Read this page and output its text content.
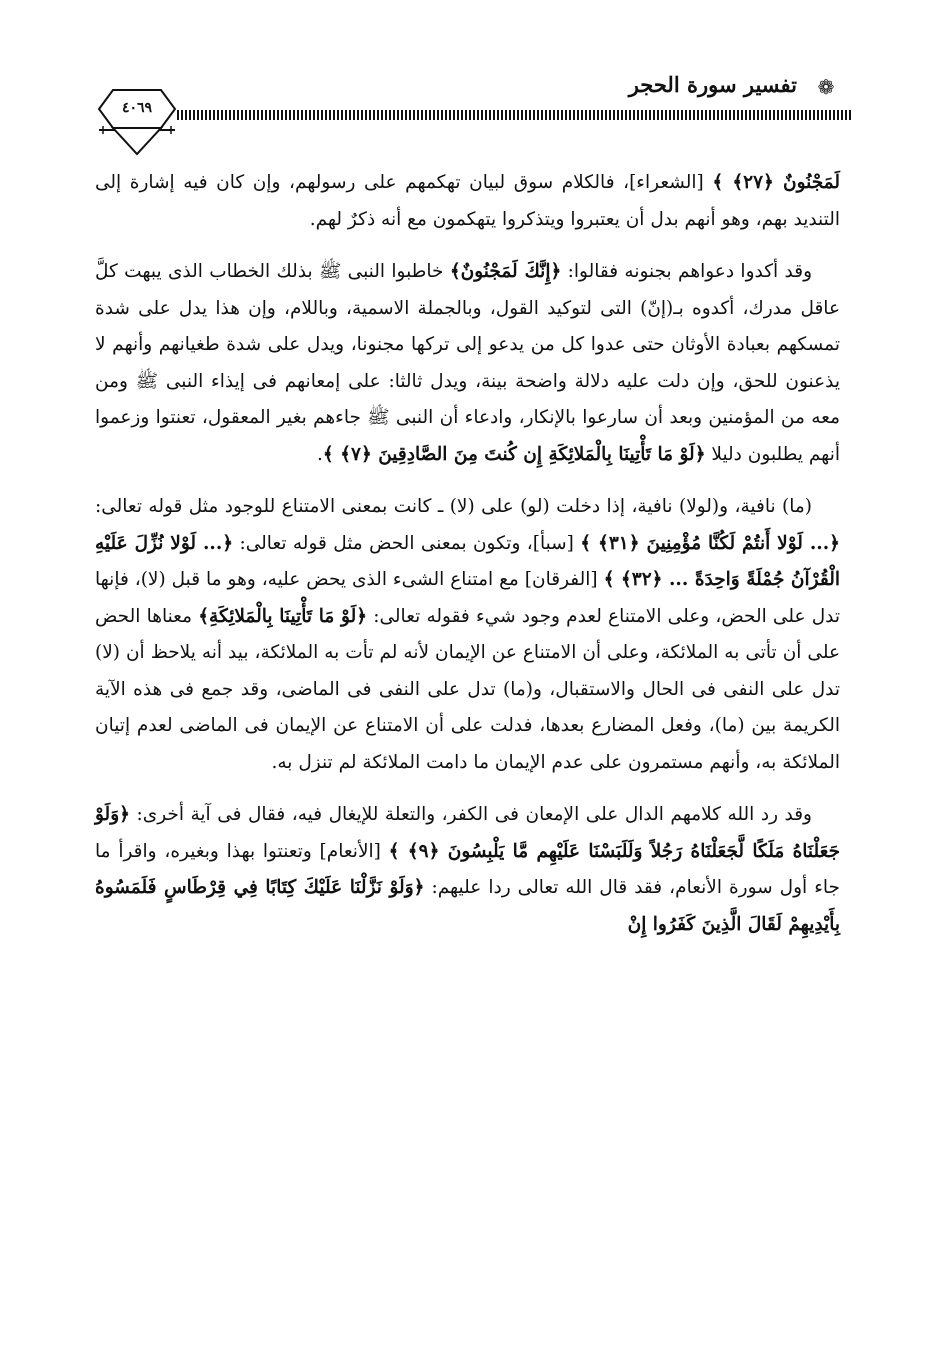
❁
تفسير سورة الحجر
٤٠٦٩

لَمَجْنُونٌ ﴿٢٧﴾ ﴾ [الشعراء]، فالكلام سوق لبيان تهكمهم على رسولهم، وإن كان فيه إشارة إلى التنديد بهم، وهو أنهم بدل أن يعتبروا ويتذكروا يتهكمون مع أنه ذكرٌ لهم.

وقد أكدوا دعواهم بجنونه فقالوا: ﴿إِنَّكَ لَمَجْنُونٌ﴾ خاطبوا النبى ﷺ بذلك الخطاب الذى يبهت كلَّ عاقل مدرك، أكدوه بـ(إنّ) التى لتوكيد القول، وبالجملة الاسمية، وباللام، وإن هذا يدل على شدة تمسكهم بعبادة الأوثان حتى عدوا كل من يدعو إلى تركها مجنونا، ويدل على شدة طغيانهم وأنهم لا يذعنون للحق، وإن دلت عليه دلالة واضحة بينة، ويدل ثالثا: على إمعانهم فى إيذاء النبى ﷺ ومن معه من المؤمنين وبعد أن سارعوا بالإنكار، وادعاء أن النبى ﷺ جاءهم بغير المعقول، تعنتوا وزعموا أنهم يطلبون دليلا ﴿لَوْ مَا تَأْتِينَا بِالْمَلائِكَةِ إِن كُنتَ مِنَ الصَّادِقِينَ ﴿٧﴾ ﴾.

(ما) نافية، و(لولا) نافية، إذا دخلت (لو) على (لا) ـ كانت بمعنى الامتناع للوجود مثل قوله تعالى: ﴿... لَوْلا أَنتُمْ لَكُنَّا مُؤْمِنِينَ ﴿٣١﴾ ﴾ [سبأ]، وتكون بمعنى الحض مثل قوله تعالى: ﴿... لَوْلا نُزِّلَ عَلَيْهِ الْقُرْآنُ جُمْلَةً وَاحِدَةً ... ﴿٣٢﴾ ﴾ [الفرقان] مع امتناع الشىء الذى يحض عليه، وهو ما قبل (لا)، فإنها تدل على الحض، وعلى الامتناع لعدم وجود شيء فقوله تعالى: ﴿لَوْ مَا تَأْتِينَا بِالْمَلائِكَةِ﴾ معناها الحض على أن تأتى به الملائكة، وعلى أن الامتناع عن الإيمان لأنه لم تأت به الملائكة، بيد أنه يلاحظ أن (لا) تدل على النفى فى الحال والاستقبال، و(ما) تدل على النفى فى الماضى، وقد جمع فى هذه الآية الكريمة بين (ما)، وفعل المضارع بعدها، فدلت على أن الامتناع عن الإيمان فى الماضى لعدم إتيان الملائكة به، وأنهم مستمرون على عدم الإيمان ما دامت الملائكة لم تنزل به.

وقد رد الله كلامهم الدال على الإمعان فى الكفر، والتعلة للإيغال فيه، فقال فى آية أخرى: ﴿وَلَوْ جَعَلْنَاهُ مَلَكًا لَّجَعَلْنَاهُ رَجُلاً وَلَلَبَسْنَا عَلَيْهِم مَّا يَلْبِسُونَ ﴿٩﴾ ﴾ [الأنعام] وتعنتوا بهذا وبغيره، واقرأ ما جاء أول سورة الأنعام، فقد قال الله تعالى ردا عليهم: ﴿وَلَوْ نَزَّلْنَا عَلَيْكَ كِتَابًا فِي قِرْطَاسٍ فَلَمَسُوهُ بِأَيْدِيهِمْ لَقَالَ الَّذِينَ كَفَرُوا إِنْ
